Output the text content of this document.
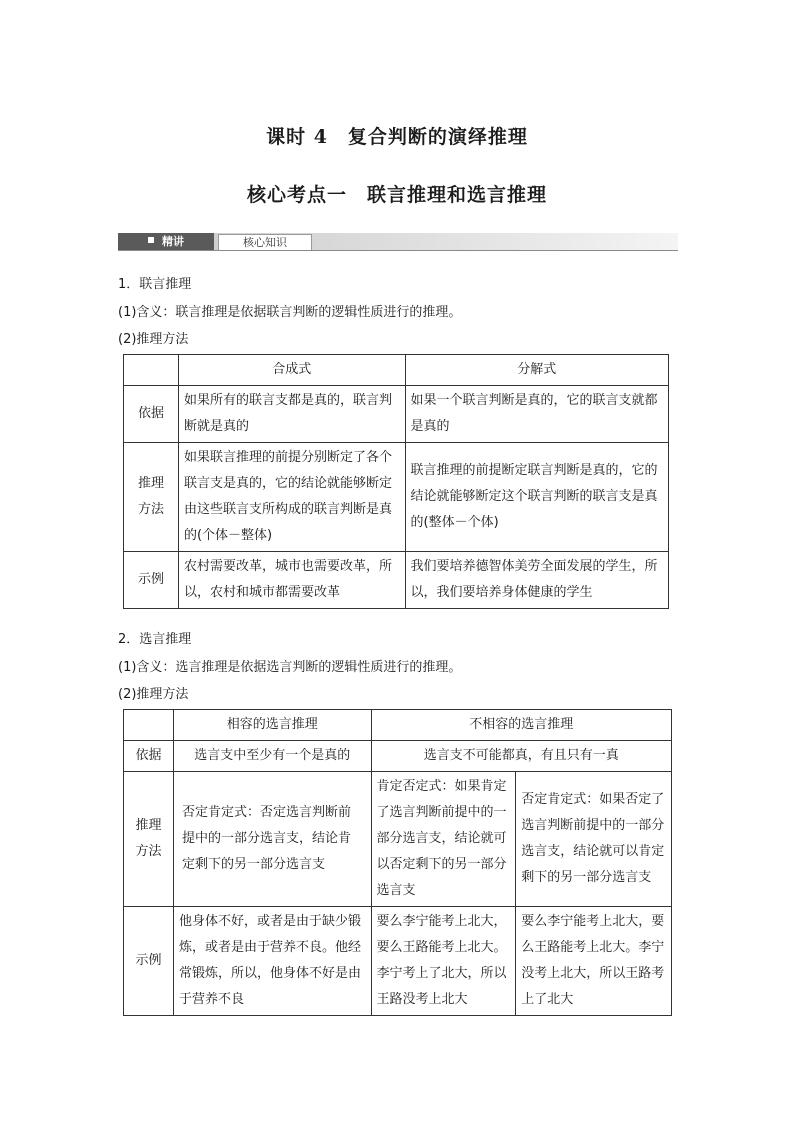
课时 4　复合判断的演绎推理
核心考点一　联言推理和选言推理
精讲	核心知识
1．联言推理
(1)含义：联言推理是依据联言判断的逻辑性质进行的推理。
(2)推理方法
	合成式	分解式
依据	如果所有的联言支都是真的，联言判断就是真的	如果一个联言判断是真的，它的联言支就都是真的
推理方法	如果联言推理的前提分别断定了各个联言支是真的，它的结论就能够断定由这些联言支所构成的联言判断是真的(个体－整体)	联言推理的前提断定联言判断是真的，它的结论就能够断定这个联言判断的联言支是真的(整体－个体)
示例	农村需要改革，城市也需要改革，所以，农村和城市都需要改革	我们要培养德智体美劳全面发展的学生，所以，我们要培养身体健康的学生
2．选言推理
(1)含义：选言推理是依据选言判断的逻辑性质进行的推理。
(2)推理方法
	相容的选言推理	不相容的选言推理	
依据	选言支中至少有一个是真的	选言支不可能都真，有且只有一真	
推理方法	否定肯定式：否定选言判断前提中的一部分选言支，结论肯定剩下的另一部分选言支	肯定否定式：如果肯定了选言判断前提中的一部分选言支，结论就可以否定剩下的另一部分选言支	否定肯定式：如果否定了选言判断前提中的一部分选言支，结论就可以肯定剩下的另一部分选言支
示例	他身体不好，或者是由于缺少锻炼，或者是由于营养不良。他经常锻炼，所以，他身体不好是由于营养不良	要么李宁能考上北大，要么王路能考上北大。李宁考上了北大，所以王路没考上北大	要么李宁能考上北大，要么王路能考上北大。李宁没考上北大，所以王路考上了北大
